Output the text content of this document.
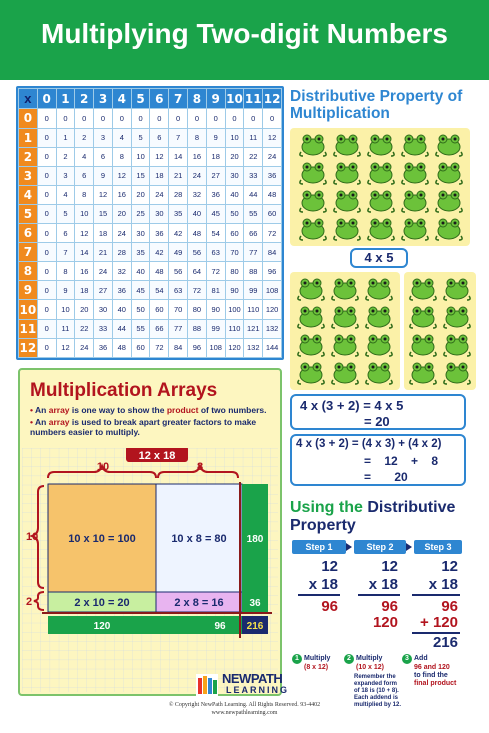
Multiplying Two-digit Numbers
x	0	1	2	3	4	5	6	7	8	9	10	11	12
0	0	0	0	0	0	0	0	0	0	0	0	0	0
1	0	1	2	3	4	5	6	7	8	9	10	11	12
2	0	2	4	6	8	10	12	14	16	18	20	22	24
3	0	3	6	9	12	15	18	21	24	27	30	33	36
4	0	4	8	12	16	20	24	28	32	36	40	44	48
5	0	5	10	15	20	25	30	35	40	45	50	55	60
6	0	6	12	18	24	30	36	42	48	54	60	66	72
7	0	7	14	21	28	35	42	49	56	63	70	77	84
8	0	8	16	24	32	40	48	56	64	72	80	88	96
9	0	9	18	27	36	45	54	63	72	81	90	99	108
10	0	10	20	30	40	50	60	70	80	90	100	110	120
11	0	11	22	33	44	55	66	77	88	99	110	121	132
12	0	12	24	36	48	60	72	84	96	108	120	132	144
Distributive Property of Multiplication
4 x 5
4 x (3 + 2) = 4 x 5
= 20
4 x (3 + 2) = (4 x 3) + (4 x 2)
=    12    +    8
=       20
Multiplication Arrays
• An array is one way to show the product of two numbers.
• An array is used to break apart greater factors to make numbers easier to multiply.
12 x 18
10	8
10
2
10 x 10 = 100	10 x 8 = 80
2 x 10 = 20	2 x 8 = 16
180
36
120	96 216
Using the Distributive Property
Step 1	Step 2	Step 3
12
x 18
96
12
x 18
96
120
12
x 18
96
+ 120
216
1 Multiply
(8 x 12)
2 Multiply
(10 x 12)

Remember the expanded form of 18 is (10 + 8). Each addend is multiplied by 12.
3 Add
96 and 120
to find the
final product
NEWPATH
LEARNING
© Copyright NewPath Learning. All Rights Reserved. 93-4402
www.newpathlearning.com
